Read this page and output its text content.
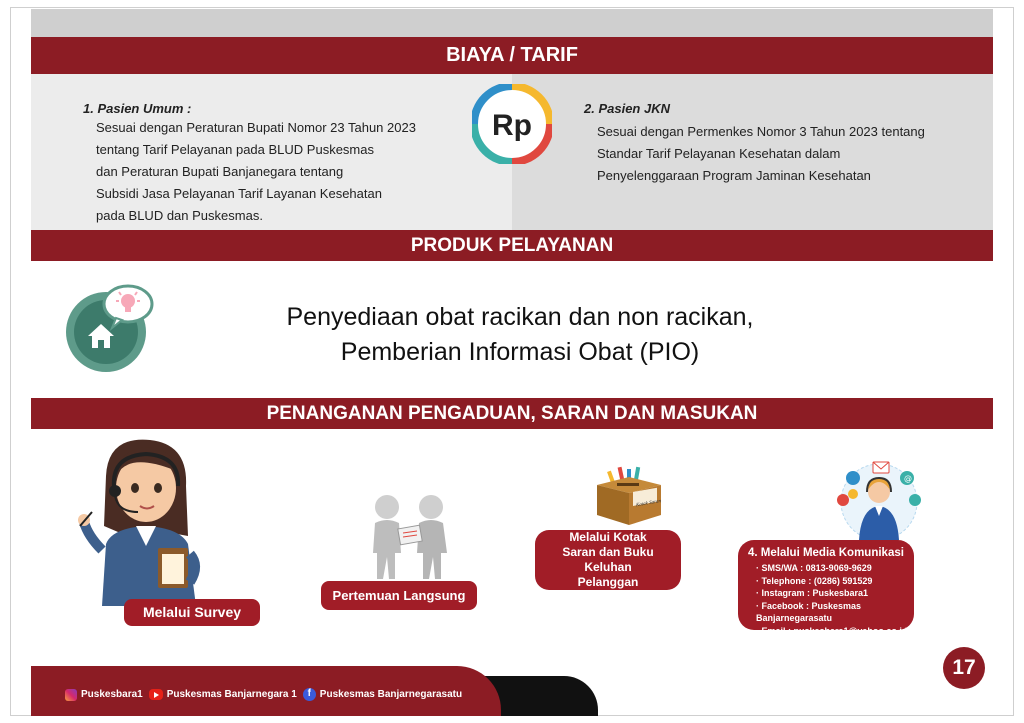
BIAYA / TARIF
1. Pasien Umum :
Sesuai dengan Peraturan Bupati Nomor 23 Tahun 2023
tentang Tarif Pelayanan pada BLUD Puskesmas
dan Peraturan Bupati Banjanegara tentang
Subsidi Jasa Pelayanan Tarif Layanan Kesehatan
pada BLUD dan Puskesmas.
2. Pasien JKN
Sesuai dengan Permenkes Nomor 3 Tahun 2023 tentang
Standar Tarif Pelayanan Kesehatan dalam
Penyelenggaraan Program Jaminan Kesehatan
Rp
PRODUK PELAYANAN
Penyediaan obat racikan dan non racikan,
Pemberian Informasi Obat (PIO)
PENANGANAN PENGADUAN, SARAN DAN MASUKAN
Melalui Survey
Pertemuan Langsung
Kotak Saran
Melalui Kotak Saran dan Buku Keluhan Pelanggan
@
4. Melalui Media Komunikasi
· SMS/WA : 0813-9069-9629
· Telephone : (0286) 591529
· Instagram : Puskesbara1
· Facebook : Puskesmas Banjarnegarasatu
· Email : puskesbara1@yahoo.co.id
Puskesbara1 Puskesmas Banjarnegara 1	f Puskesmas Banjarnegarasatu
17
